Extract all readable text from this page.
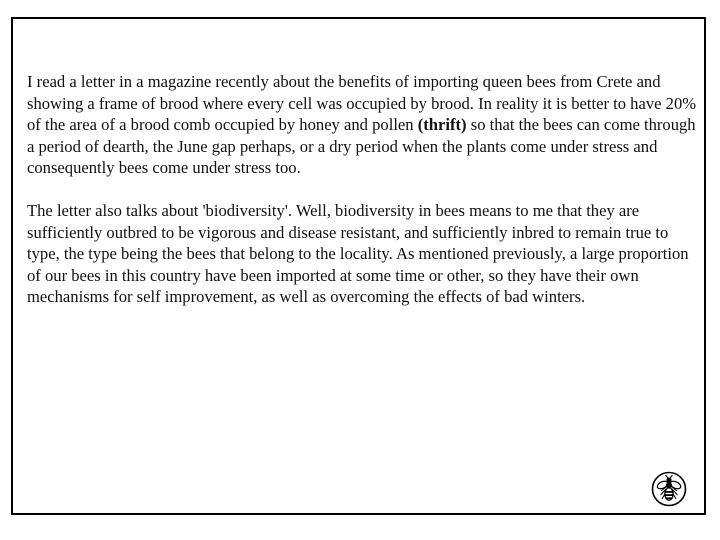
I read a letter in a magazine recently about the benefits of importing queen bees from Crete and showing a frame of brood where every cell was occupied by brood. In reality it is better to have 20% of the area of a brood comb occupied by honey and pollen (thrift) so that the bees can come through a period of dearth, the June gap perhaps, or a dry period when the plants come under stress and consequently bees come under stress too.

The letter also talks about 'biodiversity'. Well, biodiversity in bees means to me that they are sufficiently outbred to be vigorous and disease resistant, and sufficiently inbred to remain true to type, the type being the bees that belong to the locality. As mentioned previously, a large proportion of our bees in this country have been imported at some time or other, so they have their own mechanisms for self improvement, as well as overcoming the effects of bad winters.
